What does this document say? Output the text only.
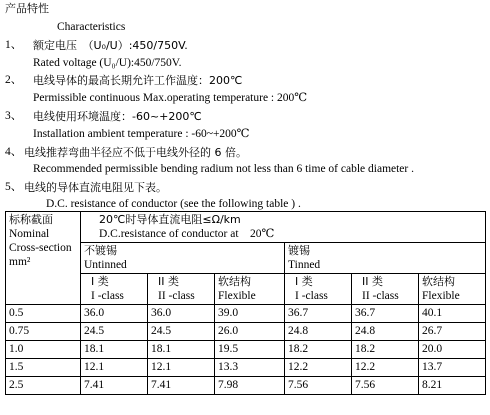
产品特性
Characteristics
1、 额定电压　（U₀/U）:450/750V.
Rated voltage (U₀/U):450/750V.
2、 电线导体的最高长期允许工作温度：200℃
Permissible continuous Max.operating temperature : 200℃
3、 电线使用环境温度：-60~+200℃
Installation ambient temperature : -60~+200℃
4、 电线推荐弯曲半径应不低于电线外径的 6 倍。
Recommended permissible bending radium not less than 6 time of cable diameter .
5、 电线的导体直流电阻见下表。
D.C. resistance of conductor (see the following table ) .
标称截面
Nominal
Cross-section
mm²	20℃时导体直流电阻≤Ω/km
D.C.resistance of conductor at　20℃					

	不镀锡
Untinned			镀锡
Tinned		

	I 类
I -class	II 类
II -class	软结构
Flexible	I 类
I -class	II 类
II -class	软结构
Flexible

0.5	36.0	36.0	39.0	36.7	36.7	40.1
0.75	24.5	24.5	26.0	24.8	24.8	26.7
1.0	18.1	18.1	19.5	18.2	18.2	20.0
1.5	12.1	12.1	13.3	12.2	12.2	13.7
2.5	7.41	7.41	7.98	7.56	7.56	8.21
